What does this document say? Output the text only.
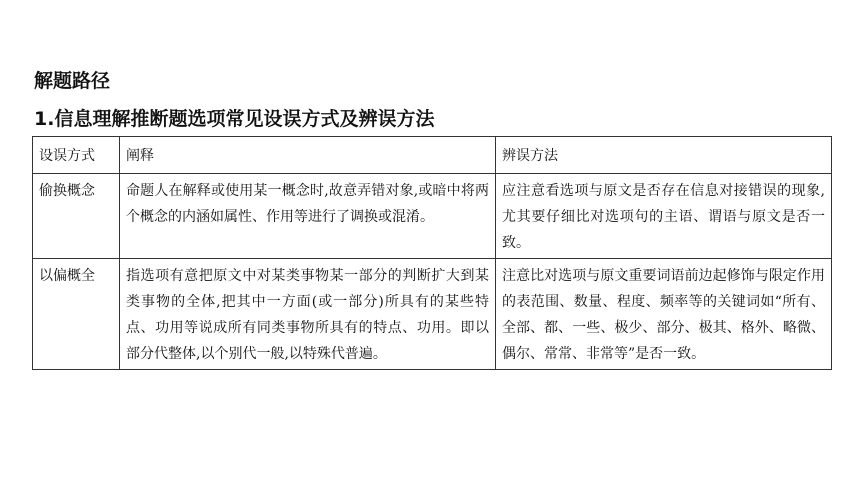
解题路径
1.信息理解推断题选项常见设误方式及辨误方法
设误方式	阐释	辨误方法
偷换概念	命题人在解释或使用某一概念时,故意弄错对象,或暗中将两个概念的内涵如属性、作用等进行了调换或混淆。	应注意看选项与原文是否存在信息对接错误的现象,尤其要仔细比对选项句的主语、谓语与原文是否一致。
以偏概全	指选项有意把原文中对某类事物某一部分的判断扩大到某类事物的全体,把其中一方面(或一部分)所具有的某些特点、功用等说成所有同类事物所具有的特点、功用。即以部分代整体,以个别代一般,以特殊代普遍。	注意比对选项与原文重要词语前边起修饰与限定作用的表范围、数量、程度、频率等的关键词如“所有、全部、都、一些、极少、部分、极其、格外、略微、偶尔、常常、非常等”是否一致。
